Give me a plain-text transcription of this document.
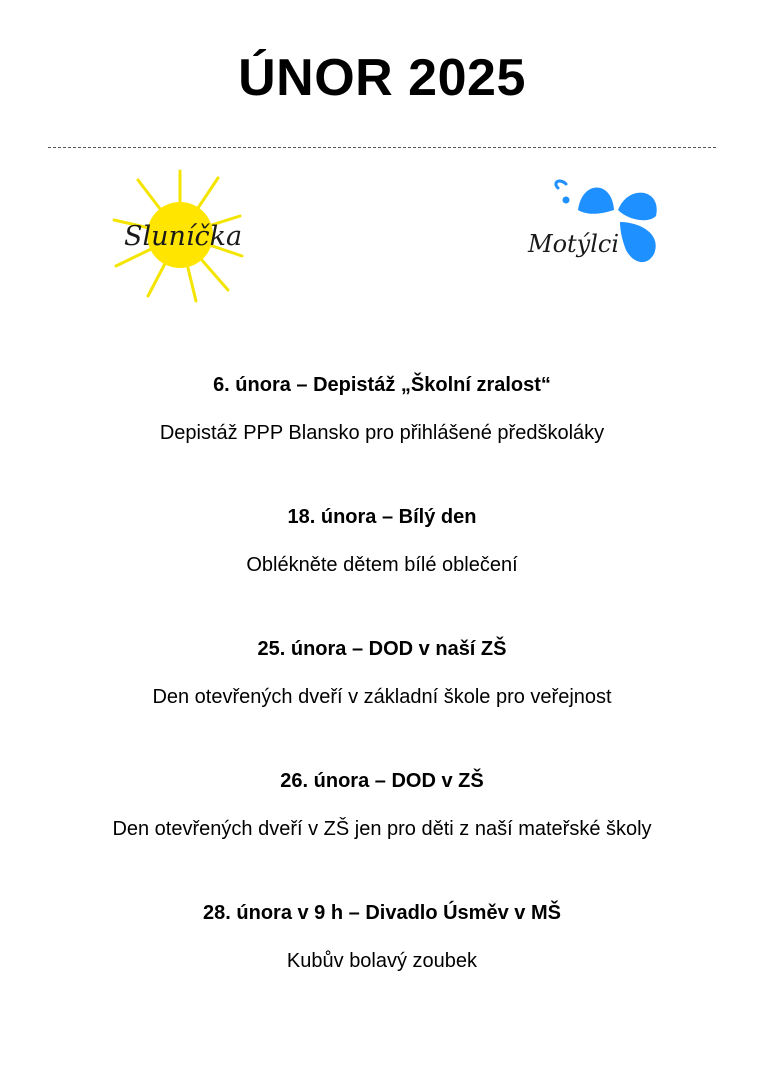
ÚNOR 2025
Sluníčka	Motýlci

6. února – Depistáž „Školní zralost“

Depistáž PPP Blansko pro přihlášené předškoláky

18. února – Bílý den

Oblékněte dětem bílé oblečení

25. února – DOD v naší ZŠ

Den otevřených dveří v základní škole pro veřejnost

26. února – DOD v ZŠ

Den otevřených dveří v ZŠ jen pro děti z naší mateřské školy

28. února v 9 h – Divadlo Úsměv v MŠ

Kubův bolavý zoubek
